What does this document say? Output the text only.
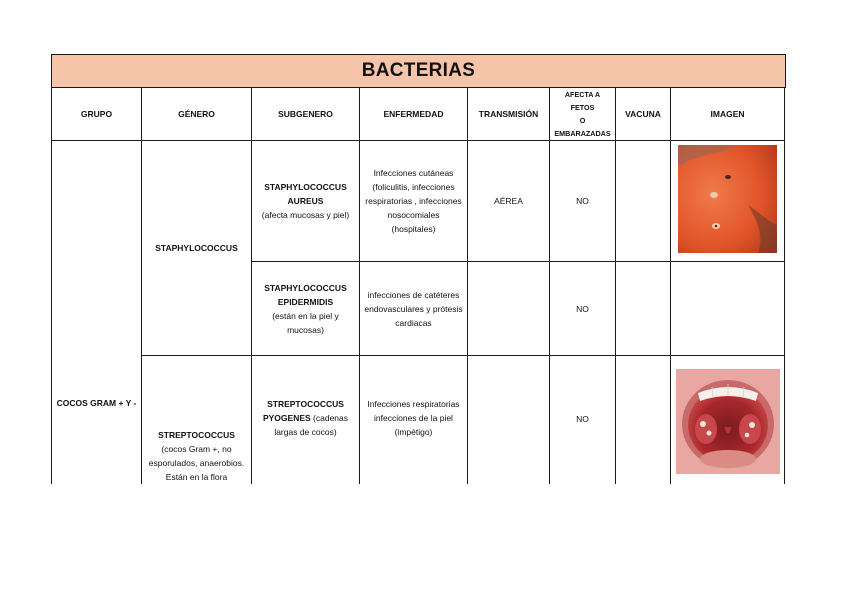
BACTERIAS
GRUPO	GÉNERO	SUBGENERO	ENFERMEDAD	TRANSMISIÓN	AFECTA A FETOS
O
EMBARAZADAS	VACUNA	IMAGEN
COCOS GRAM + Y -	STAPHYLOCOCCUS	STAPHYLOCOCCUS
AUREUS
(afecta mucosas y piel)	Infecciones cutáneas
(foliculitis, infecciones
respiratorias , infecciones
nosocomiales
(hospitales)	AÉREA	NO		

		STAPHYLOCOCCUS
EPIDERMIDIS
(están en la piel y
mucosas)	infecciones de catéteres
endovasculares y prótesis
cardiacas		NO		

	STREPTOCOCCUS
(cocos Gram +, no
esporulados, anaerobios.
Están en la flora	STREPTOCOCCUS
PYOGENES (cadenas
largas de cocos)	Infecciones respiratorias
infecciones de la piel
(impétigo)		NO		
